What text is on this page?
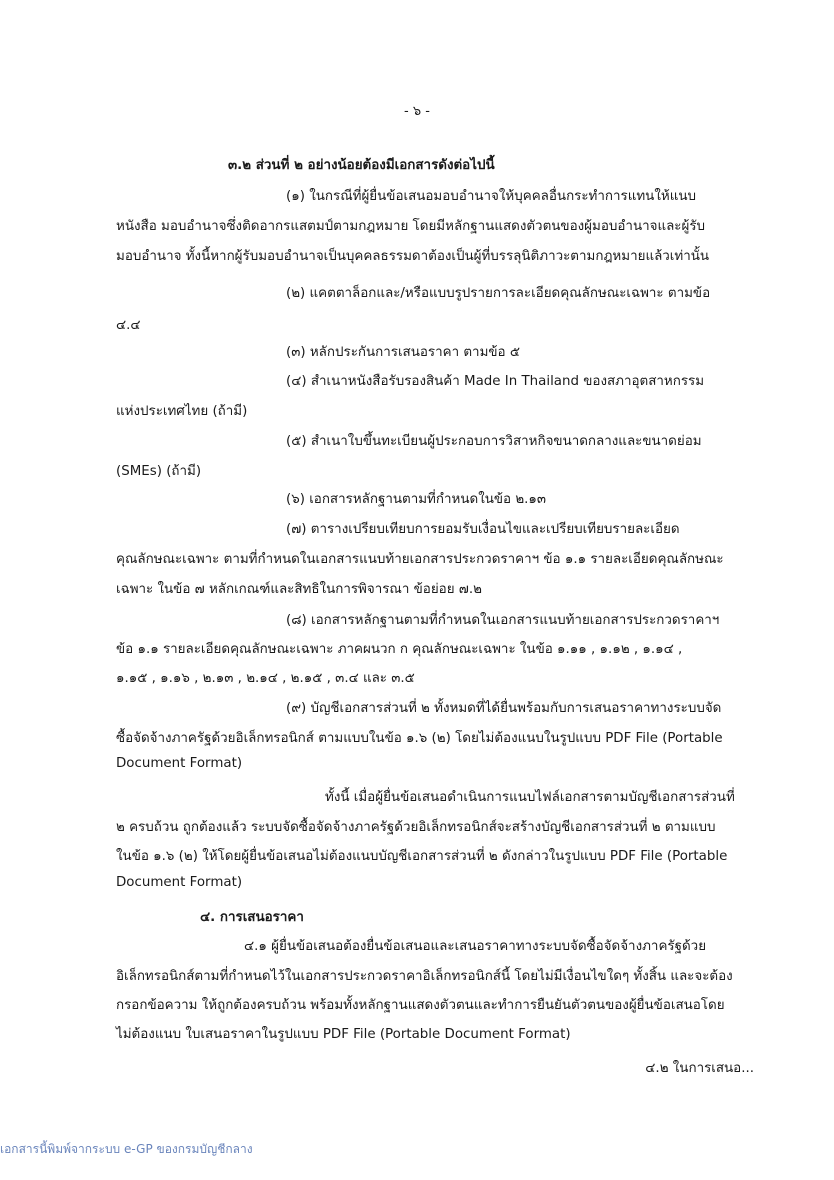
- ๖ -
๓.๒ ส่วนที่ ๒ อย่างน้อยต้องมีเอกสารดังต่อไปนี้
(๑) ในกรณีที่ผู้ยื่นข้อเสนอมอบอำนาจให้บุคคลอื่นกระทำการแทนให้แนบ
หนังสือ มอบอำนาจซึ่งติดอากรแสตมป์ตามกฎหมาย โดยมีหลักฐานแสดงตัวตนของผู้มอบอำนาจและผู้รับ
มอบอำนาจ ทั้งนี้หากผู้รับมอบอำนาจเป็นบุคคลธรรมดาต้องเป็นผู้ที่บรรลุนิติภาวะตามกฎหมายแล้วเท่านั้น
(๒) แคตตาล็อกและ/หรือแบบรูปรายการละเอียดคุณลักษณะเฉพาะ ตามข้อ
๔.๔
(๓) หลักประกันการเสนอราคา ตามข้อ ๕
(๔) สำเนาหนังสือรับรองสินค้า Made In Thailand ของสภาอุตสาหกรรม
แห่งประเทศไทย (ถ้ามี)
(๕) สำเนาใบขึ้นทะเบียนผู้ประกอบการวิสาหกิจขนาดกลางและขนาดย่อม
(SMEs) (ถ้ามี)
(๖) เอกสารหลักฐานตามที่กำหนดในข้อ ๒.๑๓
(๗) ตารางเปรียบเทียบการยอมรับเงื่อนไขและเปรียบเทียบรายละเอียด
คุณลักษณะเฉพาะ ตามที่กำหนดในเอกสารแนบท้ายเอกสารประกวดราคาฯ ข้อ ๑.๑ รายละเอียดคุณลักษณะ
เฉพาะ ในข้อ ๗ หลักเกณฑ์และสิทธิในการพิจารณา ข้อย่อย ๗.๒
(๘) เอกสารหลักฐานตามที่กำหนดในเอกสารแนบท้ายเอกสารประกวดราคาฯ
ข้อ ๑.๑ รายละเอียดคุณลักษณะเฉพาะ ภาคผนวก ก คุณลักษณะเฉพาะ ในข้อ ๑.๑๑ , ๑.๑๒ , ๑.๑๔ ,
๑.๑๕ , ๑.๑๖ , ๒.๑๓ , ๒.๑๔ , ๒.๑๕ , ๓.๔ และ ๓.๕
(๙) บัญชีเอกสารส่วนที่ ๒ ทั้งหมดที่ได้ยื่นพร้อมกับการเสนอราคาทางระบบจัด
ซื้อจัดจ้างภาครัฐด้วยอิเล็กทรอนิกส์ ตามแบบในข้อ ๑.๖ (๒) โดยไม่ต้องแนบในรูปแบบ PDF File (Portable
Document Format)
ทั้งนี้ เมื่อผู้ยื่นข้อเสนอดำเนินการแนบไฟล์เอกสารตามบัญชีเอกสารส่วนที่
๒ ครบถ้วน ถูกต้องแล้ว ระบบจัดซื้อจัดจ้างภาครัฐด้วยอิเล็กทรอนิกส์จะสร้างบัญชีเอกสารส่วนที่ ๒ ตามแบบ
ในข้อ ๑.๖ (๒) ให้โดยผู้ยื่นข้อเสนอไม่ต้องแนบบัญชีเอกสารส่วนที่ ๒ ดังกล่าวในรูปแบบ PDF File (Portable
Document Format)
๔. การเสนอราคา
๔.๑ ผู้ยื่นข้อเสนอต้องยื่นข้อเสนอและเสนอราคาทางระบบจัดซื้อจัดจ้างภาครัฐด้วย
อิเล็กทรอนิกส์ตามที่กำหนดไว้ในเอกสารประกวดราคาอิเล็กทรอนิกส์นี้ โดยไม่มีเงื่อนไขใดๆ ทั้งสิ้น และจะต้อง
กรอกข้อความ ให้ถูกต้องครบถ้วน พร้อมทั้งหลักฐานแสดงตัวตนและทำการยืนยันตัวตนของผู้ยื่นข้อเสนอโดย
ไม่ต้องแนบ ใบเสนอราคาในรูปแบบ PDF File (Portable Document Format)
๔.๒ ในการเสนอ...
เอกสารนี้พิมพ์จากระบบ e-GP ของกรมบัญชีกลาง
